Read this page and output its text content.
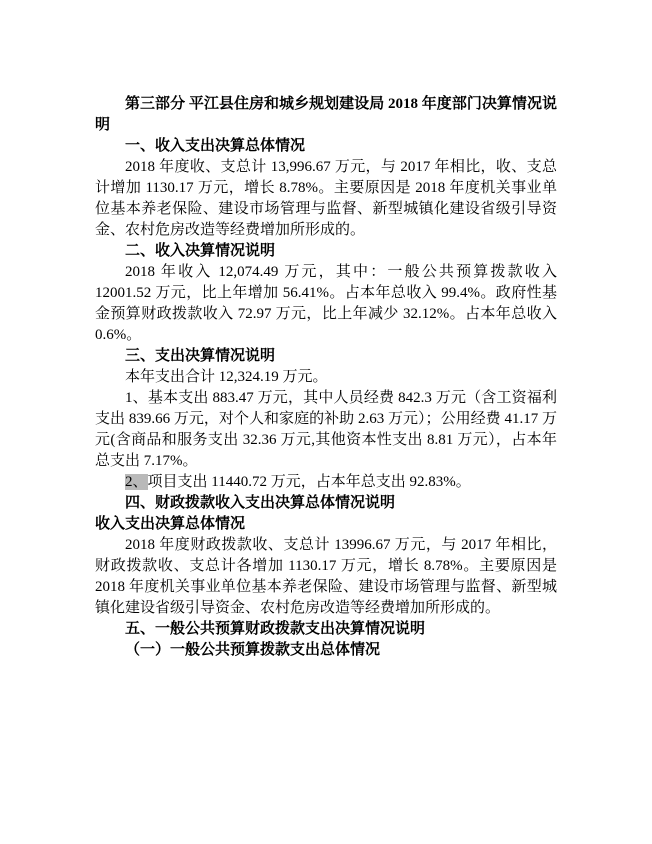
第三部分 平江县住房和城乡规划建设局 2018 年度部门决算情况说明

一、收入支出决算总体情况

2018 年度收、支总计 13,996.67 万元，与 2017 年相比，收、支总计增加 1130.17 万元，增长 8.78%。主要原因是 2018 年度机关事业单位基本养老保险、建设市场管理与监督、新型城镇化建设省级引导资金、农村危房改造等经费增加所形成的。

二、收入决算情况说明

2018 年收入 12,074.49 万元，其中：一般公共预算拨款收入 12001.52 万元，比上年增加 56.41%。占本年总收入 99.4%。政府性基金预算财政拨款收入 72.97 万元，比上年减少 32.12%。占本年总收入 0.6%。

三、支出决算情况说明

本年支出合计 12,324.19 万元。

1、基本支出 883.47 万元，其中人员经费 842.3 万元（含工资福利支出 839.66 万元，对个人和家庭的补助 2.63 万元）；公用经费 41.17 万元(含商品和服务支出 32.36 万元,其他资本性支出 8.81 万元），占本年总支出 7.17%。

2、项目支出 11440.72 万元，占本年总支出 92.83%。

四、财政拨款收入支出决算总体情况说明

收入支出决算总体情况

2018 年度财政拨款收、支总计 13996.67 万元，与 2017 年相比，财政拨款收、支总计各增加 1130.17 万元，增长 8.78%。主要原因是 2018 年度机关事业单位基本养老保险、建设市场管理与监督、新型城镇化建设省级引导资金、农村危房改造等经费增加所形成的。

五、一般公共预算财政拨款支出决算情况说明

（一）一般公共预算拨款支出总体情况
